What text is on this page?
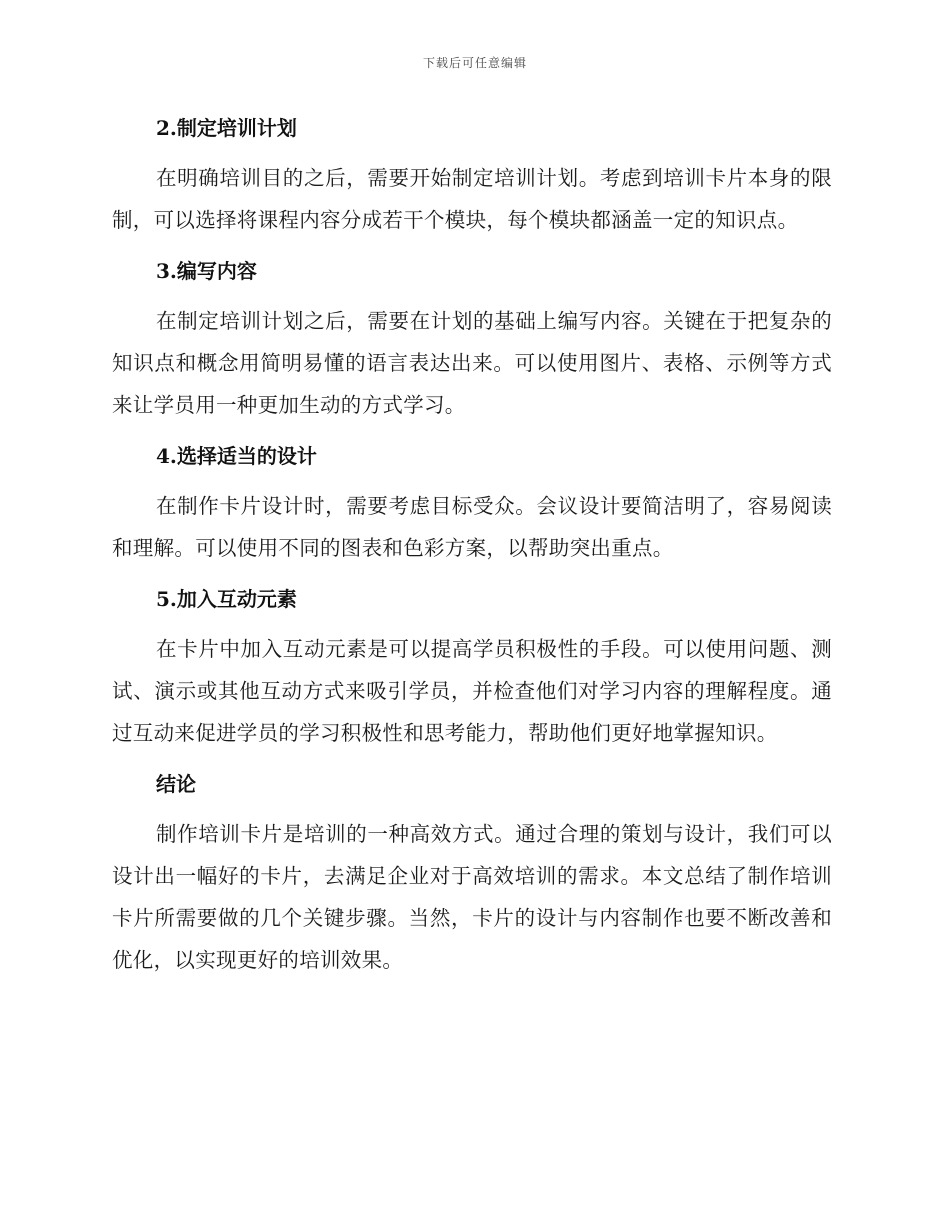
下载后可任意编辑
2.制定培训计划

在明确培训目的之后，需要开始制定培训计划。考虑到培训卡片本身的限制，可以选择将课程内容分成若干个模块，每个模块都涵盖一定的知识点。

3.编写内容

在制定培训计划之后，需要在计划的基础上编写内容。关键在于把复杂的知识点和概念用简明易懂的语言表达出来。可以使用图片、表格、示例等方式来让学员用一种更加生动的方式学习。

4.选择适当的设计

在制作卡片设计时，需要考虑目标受众。会议设计要简洁明了，容易阅读和理解。可以使用不同的图表和色彩方案，以帮助突出重点。

5.加入互动元素

在卡片中加入互动元素是可以提高学员积极性的手段。可以使用问题、测试、演示或其他互动方式来吸引学员，并检查他们对学习内容的理解程度。通过互动来促进学员的学习积极性和思考能力，帮助他们更好地掌握知识。

结论

制作培训卡片是培训的一种高效方式。通过合理的策划与设计，我们可以设计出一幅好的卡片，去满足企业对于高效培训的需求。本文总结了制作培训卡片所需要做的几个关键步骤。当然，卡片的设计与内容制作也要不断改善和优化，以实现更好的培训效果。
